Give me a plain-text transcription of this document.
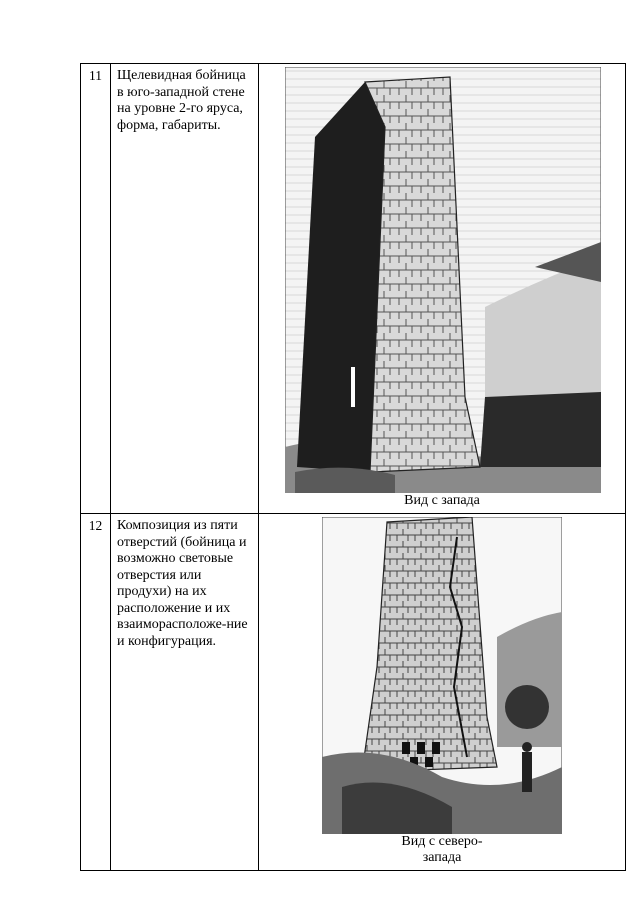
11	Щелевидная бойница в юго-западной стене на уровне 2-го яруса, форма, габариты.	Вид с запада

12	Композиция из пяти отверстий (бойница и возможно световые отверстия или продухи) на их расположение и их взаиморасположе-ние и конфигурация.	Вид с северо-
запада
